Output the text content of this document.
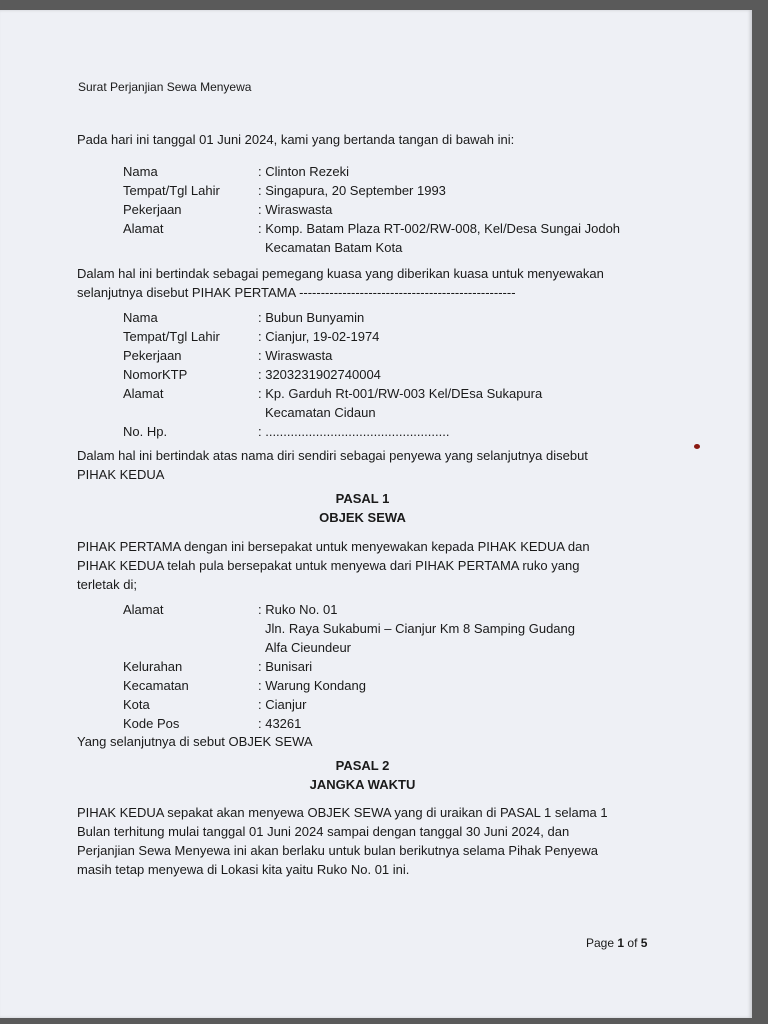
Surat Perjanjian Sewa Menyewa
Pada hari ini tanggal 01 Juni 2024, kami yang bertanda tangan di bawah ini:
Nama	: Clinton Rezeki
Tempat/Tgl Lahir	: Singapura, 20 September 1993
Pekerjaan	: Wiraswasta
Alamat	: Komp. Batam Plaza RT-002/RW-008, Kel/Desa Sungai Jodoh
Kecamatan Batam Kota
Dalam hal ini bertindak sebagai pemegang kuasa yang diberikan kuasa untuk menyewakan
selanjutnya disebut PIHAK PERTAMA --------------------------------------------------
Nama	: Bubun Bunyamin
Tempat/Tgl Lahir	: Cianjur, 19-02-1974
Pekerjaan	: Wiraswasta
NomorKTP	: 3203231902740004
Alamat	: Kp. Garduh Rt-001/RW-003 Kel/DEsa Sukapura
Kecamatan Cidaun
No. Hp.	: ...................................................
Dalam hal ini bertindak atas nama diri sendiri sebagai penyewa yang selanjutnya disebut
PIHAK KEDUA
PASAL 1
OBJEK SEWA
PIHAK PERTAMA dengan ini bersepakat untuk menyewakan kepada PIHAK KEDUA dan
PIHAK KEDUA telah pula bersepakat untuk menyewa dari PIHAK PERTAMA ruko yang
terletak di;
Alamat	: Ruko No. 01
Jln. Raya Sukabumi – Cianjur Km 8 Samping Gudang
Alfa Cieundeur
Kelurahan	: Bunisari
Kecamatan	: Warung Kondang
Kota	: Cianjur
Kode Pos	: 43261
Yang selanjutnya di sebut OBJEK SEWA
PASAL 2
JANGKA WAKTU
PIHAK KEDUA sepakat akan menyewa OBJEK SEWA yang di uraikan di PASAL 1 selama 1
Bulan terhitung mulai tanggal 01 Juni 2024 sampai dengan tanggal 30 Juni 2024, dan
Perjanjian Sewa Menyewa ini akan berlaku untuk bulan berikutnya selama Pihak Penyewa
masih tetap menyewa di Lokasi kita yaitu Ruko No. 01 ini.
Page 1 of 5
